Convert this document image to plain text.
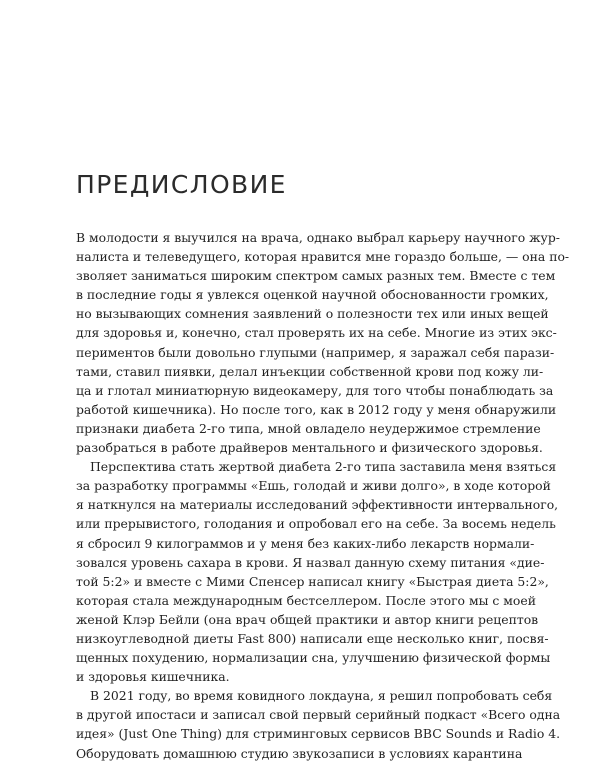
ПРЕДИСЛОВИЕ
В молодости я выучился на врача, однако выбрал карьеру научного жур-
налиста и телеведущего, которая нравится мне гораздо больше, — она по-
зволяет заниматься широким спектром самых разных тем. Вместе с тем
в последние годы я увлекся оценкой научной обоснованности громких,
но вызывающих сомнения заявлений о полезности тех или иных вещей
для здоровья и, конечно, стал проверять их на себе. Многие из этих экс-
периментов были довольно глупыми (например, я заражал себя парази-
тами, ставил пиявки, делал инъекции собственной крови под кожу ли-
ца и глотал миниатюрную видеокамеру, для того чтобы понаблюдать за
работой кишечника). Но после того, как в 2012 году у меня обнаружили
признаки диабета 2-го типа, мной овладело неудержимое стремление
разобраться в работе драйверов ментального и физического здоровья.
Перспектива стать жертвой диабета 2-го типа заставила меня взяться
за разработку программы «Ешь, голодай и живи долго», в ходе которой
я наткнулся на материалы исследований эффективности интервального,
или прерывистого, голодания и опробовал его на себе. За восемь недель
я сбросил 9 килограммов и у меня без каких-либо лекарств нормали-
зовался уровень сахара в крови. Я назвал данную схему питания «дие-
той 5:2» и вместе с Мими Спенсер написал книгу «Быстрая диета 5:2»,
которая стала международным бестселлером. После этого мы с моей
женой Клэр Бейли (она врач общей практики и автор книги рецептов
низкоуглеводной диеты Fast 800) написали еще несколько книг, посвя-
щенных похудению, нормализации сна, улучшению физической формы
и здоровья кишечника.
В 2021 году, во время ковидного локдауна, я решил попробовать себя
в другой ипостаси и записал свой первый серийный подкаст «Всего одна
идея» (Just One Thing) для стриминговых сервисов BBC Sounds и Radio 4.
Оборудовать домашнюю студию звукозаписи в условиях карантина
